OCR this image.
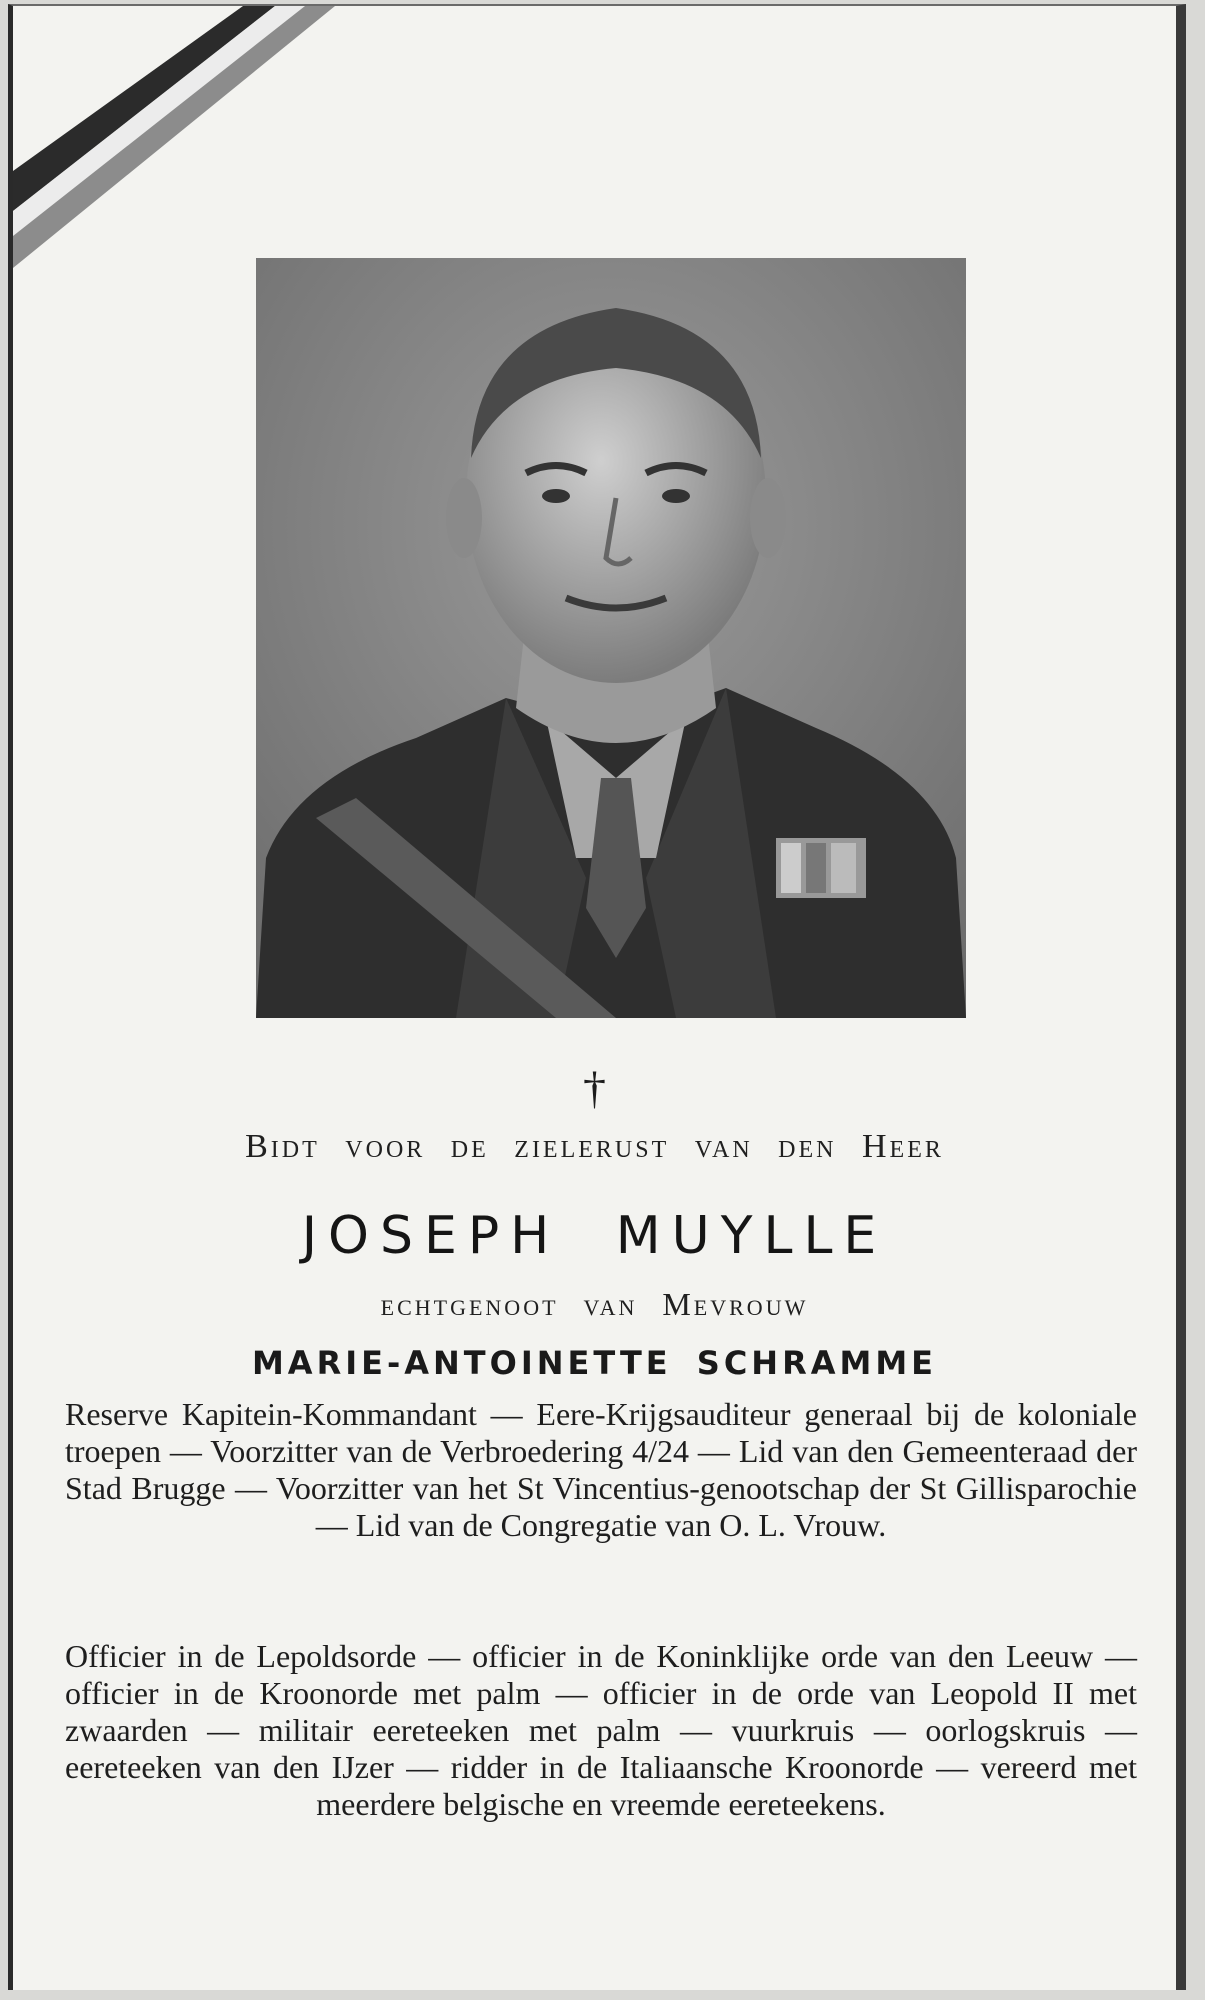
†
Bidt voor de zielerust van den Heer
JOSEPH MUYLLE
echtgenoot van Mevrouw
MARIE-ANTOINETTE SCHRAMME
Reserve Kapitein-Kommandant — Eere-Krijgsauditeur generaal bij de koloniale troepen — Voorzitter van de Verbroedering 4/24 — Lid van den Gemeenteraad der Stad Brugge — Voorzitter van het St Vincentius-genootschap der St Gillisparochie — Lid van de Congregatie van O. L. Vrouw.
Officier in de Lepoldsorde — officier in de Koninklijke orde van den Leeuw — officier in de Kroonorde met palm — officier in de orde van Leopold II met zwaarden — militair eereteeken met palm — vuurkruis — oorlogskruis — eereteeken van den IJzer — ridder in de Italiaansche Kroonorde — vereerd met meerdere belgische en vreemde eereteekens.
